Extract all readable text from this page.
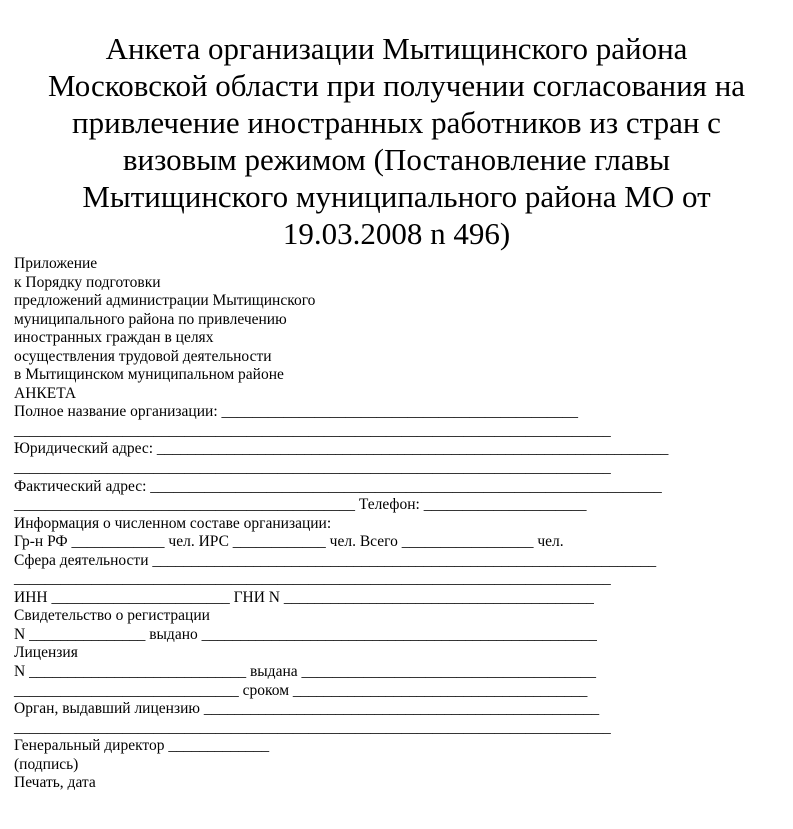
Анкета организации Мытищинского района
Московской области при получении согласования на
привлечение иностранных работников из стран с
визовым режимом (Постановление главы
Мытищинского муниципального района МО от
19.03.2008 n 496)
Приложение
к Порядку подготовки
предложений администрации Мытищинского
муниципального района по привлечению
иностранных граждан в целях
осуществления трудовой деятельности
в Мытищинском муниципальном районе
АНКЕТА
Полное название организации: ______________________________________________
_____________________________________________________________________________
Юридический адрес: __________________________________________________________________
_____________________________________________________________________________
Фактический адрес: __________________________________________________________________
____________________________________________ Телефон: _____________________
Информация о численном составе организации:
Гр-н РФ ____________ чел. ИРС ____________ чел. Всего _________________ чел.
Сфера деятельности _________________________________________________________________
_____________________________________________________________________________
ИНН _______________________ ГНИ N ________________________________________
Свидетельство о регистрации
N _______________ выдано ___________________________________________________
Лицензия
N ____________________________ выдана ______________________________________
_____________________________ сроком ______________________________________
Орган, выдавший лицензию ___________________________________________________
_____________________________________________________________________________
Генеральный директор _____________
(подпись)
Печать, дата
